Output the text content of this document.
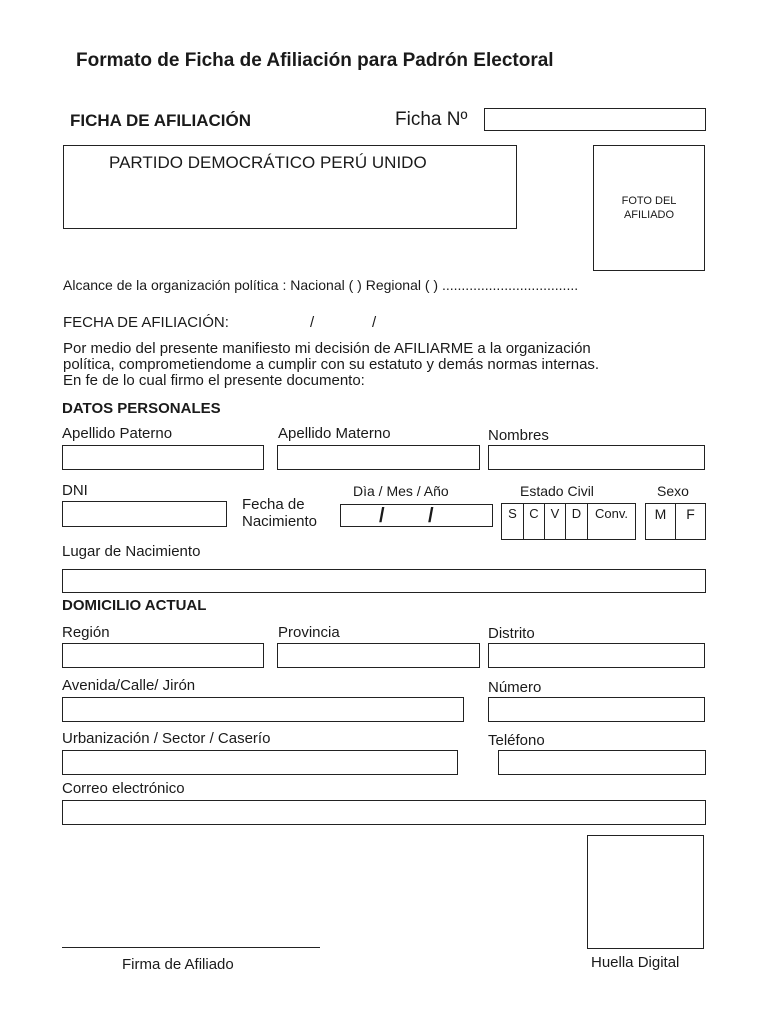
Formato de Ficha de Afiliación para Padrón Electoral
FICHA DE AFILIACIÓN	Ficha Nº
PARTIDO DEMOCRÁTICO PERÚ UNIDO
FOTO DEL
AFILIADO
Alcance de la organización política : Nacional ( ) Regional ( ) ...................................
FECHA DE AFILIACIÓN:	/	/
Por medio del presente manifiesto mi decisión de AFILIARME a la organización
política, comprometiendome a cumplir con su estatuto y demás normas internas.
En fe de lo cual firmo el presente documento:
DATOS PERSONALES
Apellido Paterno	Apellido Materno	Nombres
DNI
Fecha de
Nacimiento
Dìa / Mes / Año
/ /
Estado Civil
S C V D	Conv.
Sexo
M	F
Lugar de Nacimiento
DOMICILIO ACTUAL
Región	Provincia	Distrito
Avenida/Calle/ Jirón	Número
Urbanización / Sector / Caserío	Teléfono
Correo electrónico
Firma de Afiliado	Huella Digital
